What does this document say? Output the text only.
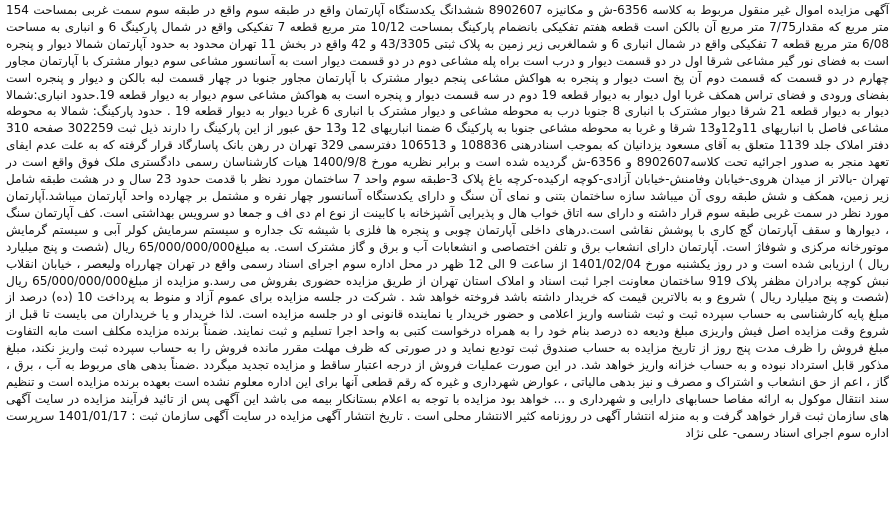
آگهی مزایده اموال غیر منقول مربوط به کلاسه 6356-ش و مکانیزه 8902607 ششدانگ یکدستگاه آپارتمان واقع در طبقه سوم واقع در طبقه سوم سمت غربی بمساحت 154 متر مربع که مقدار7/75 متر مربع آن بالکن است قطعه هفتم تفکیکی بانضمام پارکینگ بمساحت 10/12 متر مربع قطعه 7 تفکیکی واقع در شمال پارکینگ 6 و انباری به مساحت 6/08 متر مربع قطعه 7 تفکیکی واقع در شمال انباری 6 و شمالغربی زیر زمین به پلاک ثبتی 43/3305 و 42 واقع در بخش 11 تهران محدود به حدود آپارتمان شمالا دیوار و پنجره است به فضای نور گیر مشاعی شرقا اول در دو قسمت دیوار و درب است براه پله مشاعی دوم در دو قسمت دیوار است به آسانسور مشاعی سوم دیوار مشترک با آپارتمان مجاور چهارم در دو قسمت که قسمت دوم آن پخ است دیوار و پنجره به هواکش مشاعی پنجم دیوار مشترک با آپارتمان مجاور جنوبا در چهار قسمت لبه بالکن و دیوار و پنجره است بفضای ورودی و فضای تراس همکف غربا اول دیوار به دیوار قطعه 19 دوم در سه قسمت دیوار و پنجره است به هواکش مشاعی سوم دیوار به دیوار قطعه 19.حدود انباری:شمالا دیوار به دیوار قطعه 21 شرقا دیوار مشترک با انباری 8 جنوبا درب به محوطه مشاعی و دیوار مشترک با انباری 6 غربا دیوار به دیوار قطعه 19 . حدود پارکینگ: شمالا به محوطه مشاعی فاصل با انباریهای 11و12و13 شرقا و غربا به محوطه مشاعی جنوبا به پارکینگ 6 ضمنا انباریهای 12 و13 حق عبور از این پارکینگ را دارند ذیل ثبت 302259 صفحه 310 دفتر املاک جلد 1139 متعلق به آقای مسعود یزدانیان که بموجب اسنادرهنی 108836 و 106513 دفترسمی 329 تهران در رهن بانک پاسارگاد قرار گرفته که به علت عدم ایفای تعهد منجر به صدور اجرائیه تحت کلاسه8902607 و 6356-ش گردیده شده است و برابر نظریه مورخ 1400/9/8 هیات کارشناسان رسمی دادگستری ملک فوق واقع است در تهران -بالاتر از میدان هروی-خیابان وفامنش-خیابان آزادی-کوچه ارکیده-کرچه باغ پلاک 3-طبقه سوم واحد 7 ساختمان مورد نظر با قدمت حدود 23 سال و در هشت طبقه شامل زیر زمین، همکف و شش طبقه روی آن میباشد سازه ساختمان بتنی و نمای آن سنگ و دارای یکدستگاه آسانسور چهار نفره و مشتمل بر چهارده واحد آپارتمان میباشد.آپارتمان مورد نظر در سمت غربی طبقه سوم قرار داشته و دارای سه اتاق خواب هال و پذیرایی آشپزخانه با کابینت از نوع ام دی اف و جمعا دو سرویس بهداشتی است. کف آپارتمان سنگ ، دیوارها و سقف آپارتمان گچ کاری با پوشش نقاشی است.درهای داخلی آپارتمان چوبی و پنجره ها فلزی با شیشه تک جداره و سیستم سرمایش کولر آبی و سیستم گرمایش موتورخانه مرکزی و شوفاژ است. آپارتمان دارای انشعاب برق و تلفن اختصاصی و انشعابات آب و برق و گاز مشترک است. به مبلغ65/000/000/000 ریال (شصت و پنج میلیارد ریال ) ارزیابی شده است و در روز یکشنبه مورخ 1401/02/04 از ساعت 9 الی 12 ظهر در محل اداره سوم اجرای اسناد رسمی واقع در تهران چهارراه ولیعصر ، خیابان انقلاب نبش کوچه برادران مظفر پلاک 919 ساختمان معاونت اجرا ثبت اسناد و املاک استان تهران از طریق مزایده حضوری بفروش می رسد.و مزایده از مبلغ65/000/000/000 ریال (شصت و پنج میلیارد ریال ) شروع و به بالاترین قیمت که خریدار داشته باشد فروخته خواهد شد . شرکت در جلسه مزایده برای عموم آزاد و منوط به پرداخت 10 (ده) درصد از مبلغ پایه کارشناسی به حساب سپرده ثبت و ثبت شناسه واریز اعلامی و حضور خریدار یا نماینده قانونی او در جلسه مزایده است. لذا خریدار و یا خریداران می بایست تا قبل از شروع وقت مزایده اصل فیش واریزی مبلغ ودیعه ده درصد بنام خود را به همراه درخواست کتبی به واحد اجرا تسلیم و ثبت نمایند. ضمناً برنده مزایده مکلف است مابه التفاوت مبلغ فروش را ظرف مدت پنج روز از تاریخ مزایده به حساب صندوق ثبت تودیع نماید و در صورتی که ظرف مهلت مقرر مانده فروش را به حساب سپرده ثبت واریز نکند، مبلغ مذکور قابل استرداد نبوده و به حساب خزانه واریز خواهد شد. در این صورت عملیات فروش از درجه اعتبار ساقط و مزایده تجدید میگردد .ضمناً بدهی های مربوط به آب ، برق ، گاز ، اعم از حق انشعاب و اشتراک و مصرف و نیز بدهی مالیاتی ، عوارض شهرداری و غیره که رقم قطعی آنها برای این اداره معلوم نشده است بعهده برنده مزایده است و تنظیم سند انتقال موکول به ارائه مفاصا حسابهای دارایی و شهرداری و ... خواهد بود مزایده با توجه به اعلام بستانکار بیمه می باشد این آگهی پس از تائید فرآیند مزایده در سایت آگهی های سازمان ثبت قرار خواهد گرفت و به منزله انتشار آگهی در روزنامه کثیر الانتشار محلی است . تاریخ انتشار آگهی مزایده در سایت آگهی سازمان ثبت : 1401/01/17 سرپرست اداره سوم اجرای اسناد رسمی- علی نژاد
